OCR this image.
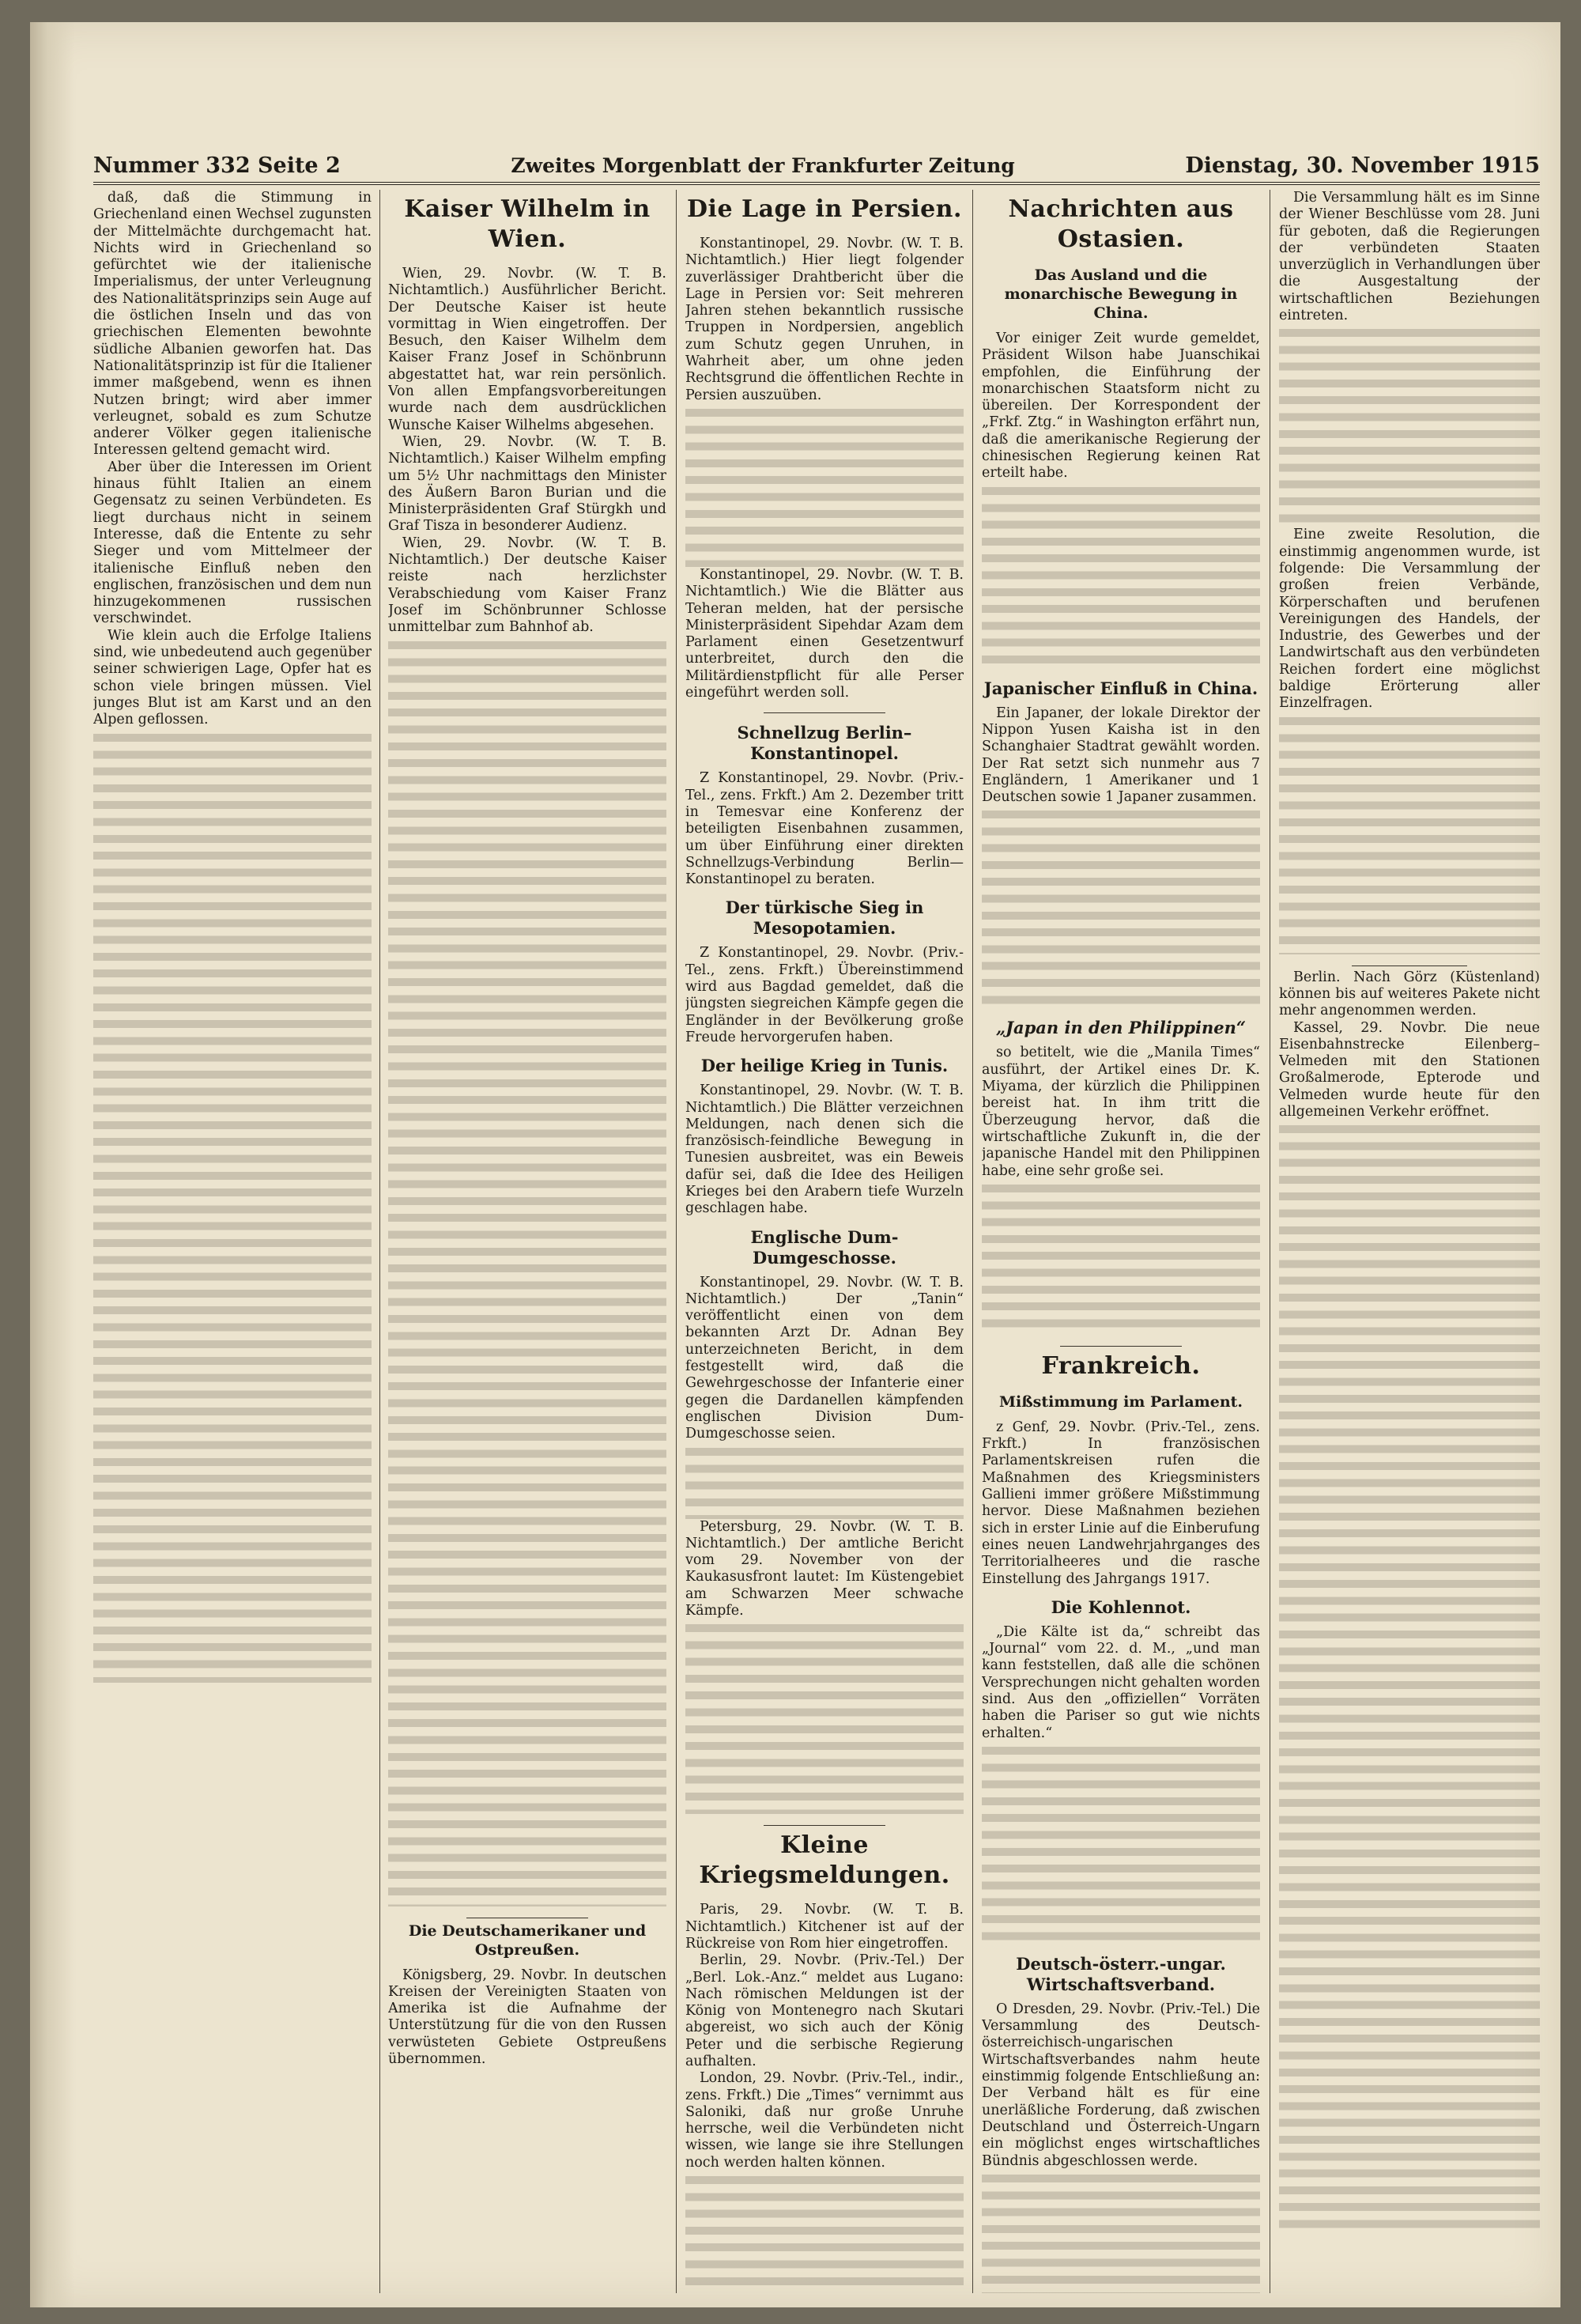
Nummer 332 Seite 2	Zweites Morgenblatt der Frankfurter Zeitung	Dienstag, 30. November 1915

daß, daß die Stimmung in Griechenland einen Wechsel zugunsten der Mittelmächte durchgemacht hat. Nichts wird in Griechenland so gefürchtet wie der italienische Imperialismus, der unter Verleugnung des Nationalitätsprinzips sein Auge auf die östlichen Inseln und das von griechischen Elementen bewohnte südliche Albanien geworfen hat. Das Nationalitätsprinzip ist für die Italiener immer maßgebend, wenn es ihnen Nutzen bringt; wird aber immer verleugnet, sobald es zum Schutze anderer Völker gegen italienische Interessen geltend gemacht wird.

Aber über die Interessen im Orient hinaus fühlt Italien an einem Gegensatz zu seinen Verbündeten. Es liegt durchaus nicht in seinem Interesse, daß die Entente zu sehr Sieger und vom Mittelmeer der italienische Einfluß neben den englischen, französischen und dem nun hinzugekommenen russischen verschwindet.

Wie klein auch die Erfolge Italiens sind, wie unbedeutend auch gegenüber seiner schwierigen Lage, Opfer hat es schon viele bringen müssen. Viel junges Blut ist am Karst und an den Alpen geflossen.

Kaiser Wilhelm in Wien.

Wien, 29. Novbr. (W. T. B. Nichtamtlich.) Ausführlicher Bericht. Der Deutsche Kaiser ist heute vormittag in Wien eingetroffen. Der Besuch, den Kaiser Wilhelm dem Kaiser Franz Josef in Schönbrunn abgestattet hat, war rein persönlich. Von allen Empfangsvorbereitungen wurde nach dem ausdrücklichen Wunsche Kaiser Wilhelms abgesehen.

Wien, 29. Novbr. (W. T. B. Nichtamtlich.) Kaiser Wilhelm empfing um 5½ Uhr nachmittags den Minister des Äußern Baron Burian und die Ministerpräsidenten Graf Stürgkh und Graf Tisza in besonderer Audienz.

Wien, 29. Novbr. (W. T. B. Nichtamtlich.) Der deutsche Kaiser reiste nach herzlichster Verabschiedung vom Kaiser Franz Josef im Schönbrunner Schlosse unmittelbar zum Bahnhof ab.

Die Deutschamerikaner und Ostpreußen.

Königsberg, 29. Novbr. In deutschen Kreisen der Vereinigten Staaten von Amerika ist die Aufnahme der Unterstützung für die von den Russen verwüsteten Gebiete Ostpreußens übernommen.

Die Lage in Persien.

Konstantinopel, 29. Novbr. (W. T. B. Nichtamtlich.) Hier liegt folgender zuverlässiger Drahtbericht über die Lage in Persien vor: Seit mehreren Jahren stehen bekanntlich russische Truppen in Nordpersien, angeblich zum Schutz gegen Unruhen, in Wahrheit aber, um ohne jeden Rechtsgrund die öffentlichen Rechte in Persien auszuüben.

Konstantinopel, 29. Novbr. (W. T. B. Nichtamtlich.) Wie die Blätter aus Teheran melden, hat der persische Ministerpräsident Sipehdar Azam dem Parlament einen Gesetzentwurf unterbreitet, durch den die Militärdienstpflicht für alle Perser eingeführt werden soll.

Schnellzug Berlin–Konstantinopel.

Z Konstantinopel, 29. Novbr. (Priv.-Tel., zens. Frkft.) Am 2. Dezember tritt in Temesvar eine Konferenz der beteiligten Eisenbahnen zusammen, um über Einführung einer direkten Schnellzugs-Verbindung Berlin—Konstantinopel zu beraten.

Der türkische Sieg in Mesopotamien.

Z Konstantinopel, 29. Novbr. (Priv.-Tel., zens. Frkft.) Übereinstimmend wird aus Bagdad gemeldet, daß die jüngsten siegreichen Kämpfe gegen die Engländer in der Bevölkerung große Freude hervorgerufen haben.

Der heilige Krieg in Tunis.

Konstantinopel, 29. Novbr. (W. T. B. Nichtamtlich.) Die Blätter verzeichnen Meldungen, nach denen sich die französisch-feindliche Bewegung in Tunesien ausbreitet, was ein Beweis dafür sei, daß die Idee des Heiligen Krieges bei den Arabern tiefe Wurzeln geschlagen habe.

Englische Dum-Dumgeschosse.

Konstantinopel, 29. Novbr. (W. T. B. Nichtamtlich.) Der „Tanin“ veröffentlicht einen von dem bekannten Arzt Dr. Adnan Bey unterzeichneten Bericht, in dem festgestellt wird, daß die Gewehrgeschosse der Infanterie einer gegen die Dardanellen kämpfenden englischen Division Dum-Dumgeschosse seien.

Petersburg, 29. Novbr. (W. T. B. Nichtamtlich.) Der amtliche Bericht vom 29. November von der Kaukasusfront lautet: Im Küstengebiet am Schwarzen Meer schwache Kämpfe.

Kleine Kriegsmeldungen.

Paris, 29. Novbr. (W. T. B. Nichtamtlich.) Kitchener ist auf der Rückreise von Rom hier eingetroffen.

Berlin, 29. Novbr. (Priv.-Tel.) Der „Berl. Lok.-Anz.“ meldet aus Lugano: Nach römischen Meldungen ist der König von Montenegro nach Skutari abgereist, wo sich auch der König Peter und die serbische Regierung aufhalten.

London, 29. Novbr. (Priv.-Tel., indir., zens. Frkft.) Die „Times“ vernimmt aus Saloniki, daß nur große Unruhe herrsche, weil die Verbündeten nicht wissen, wie lange sie ihre Stellungen noch werden halten können.

Nachrichten aus Ostasien.
Das Ausland und die monarchische Bewegung in China.

Vor einiger Zeit wurde gemeldet, Präsident Wilson habe Juanschikai empfohlen, die Einführung der monarchischen Staatsform nicht zu übereilen. Der Korrespondent der „Frkf. Ztg.“ in Washington erfährt nun, daß die amerikanische Regierung der chinesischen Regierung keinen Rat erteilt habe.

Japanischer Einfluß in China.

Ein Japaner, der lokale Direktor der Nippon Yusen Kaisha ist in den Schanghaier Stadtrat gewählt worden. Der Rat setzt sich nunmehr aus 7 Engländern, 1 Amerikaner und 1 Deutschen sowie 1 Japaner zusammen.

„Japan in den Philippinen“

so betitelt, wie die „Manila Times“ ausführt, der Artikel eines Dr. K. Miyama, der kürzlich die Philippinen bereist hat. In ihm tritt die Überzeugung hervor, daß die wirtschaftliche Zukunft in, die der japanische Handel mit den Philippinen habe, eine sehr große sei.

Frankreich.
Mißstimmung im Parlament.

z Genf, 29. Novbr. (Priv.-Tel., zens. Frkft.) In französischen Parlamentskreisen rufen die Maßnahmen des Kriegsministers Gallieni immer größere Mißstimmung hervor. Diese Maßnahmen beziehen sich in erster Linie auf die Einberufung eines neuen Landwehrjahrganges des Territorialheeres und die rasche Einstellung des Jahrgangs 1917.

Die Kohlennot.

„Die Kälte ist da,“ schreibt das „Journal“ vom 22. d. M., „und man kann feststellen, daß alle die schönen Versprechungen nicht gehalten worden sind. Aus den „offiziellen“ Vorräten haben die Pariser so gut wie nichts erhalten.“

Deutsch-österr.-ungar. Wirtschaftsverband.

O Dresden, 29. Novbr. (Priv.-Tel.) Die Versammlung des Deutsch-österreichisch-ungarischen Wirtschaftsverbandes nahm heute einstimmig folgende Entschließung an: Der Verband hält es für eine unerläßliche Forderung, daß zwischen Deutschland und Österreich-Ungarn ein möglichst enges wirtschaftliches Bündnis abgeschlossen werde.

Die Versammlung hält es im Sinne der Wiener Beschlüsse vom 28. Juni für geboten, daß die Regierungen der verbündeten Staaten unverzüglich in Verhandlungen über die Ausgestaltung der wirtschaftlichen Beziehungen eintreten.

Eine zweite Resolution, die einstimmig angenommen wurde, ist folgende: Die Versammlung der großen freien Verbände, Körperschaften und berufenen Vereinigungen des Handels, der Industrie, des Gewerbes und der Landwirtschaft aus den verbündeten Reichen fordert eine möglichst baldige Erörterung aller Einzelfragen.

Berlin. Nach Görz (Küstenland) können bis auf weiteres Pakete nicht mehr angenommen werden.

Kassel, 29. Novbr. Die neue Eisenbahnstrecke Eilenberg–Velmeden mit den Stationen Großalmerode, Epterode und Velmeden wurde heute für den allgemeinen Verkehr eröffnet.
